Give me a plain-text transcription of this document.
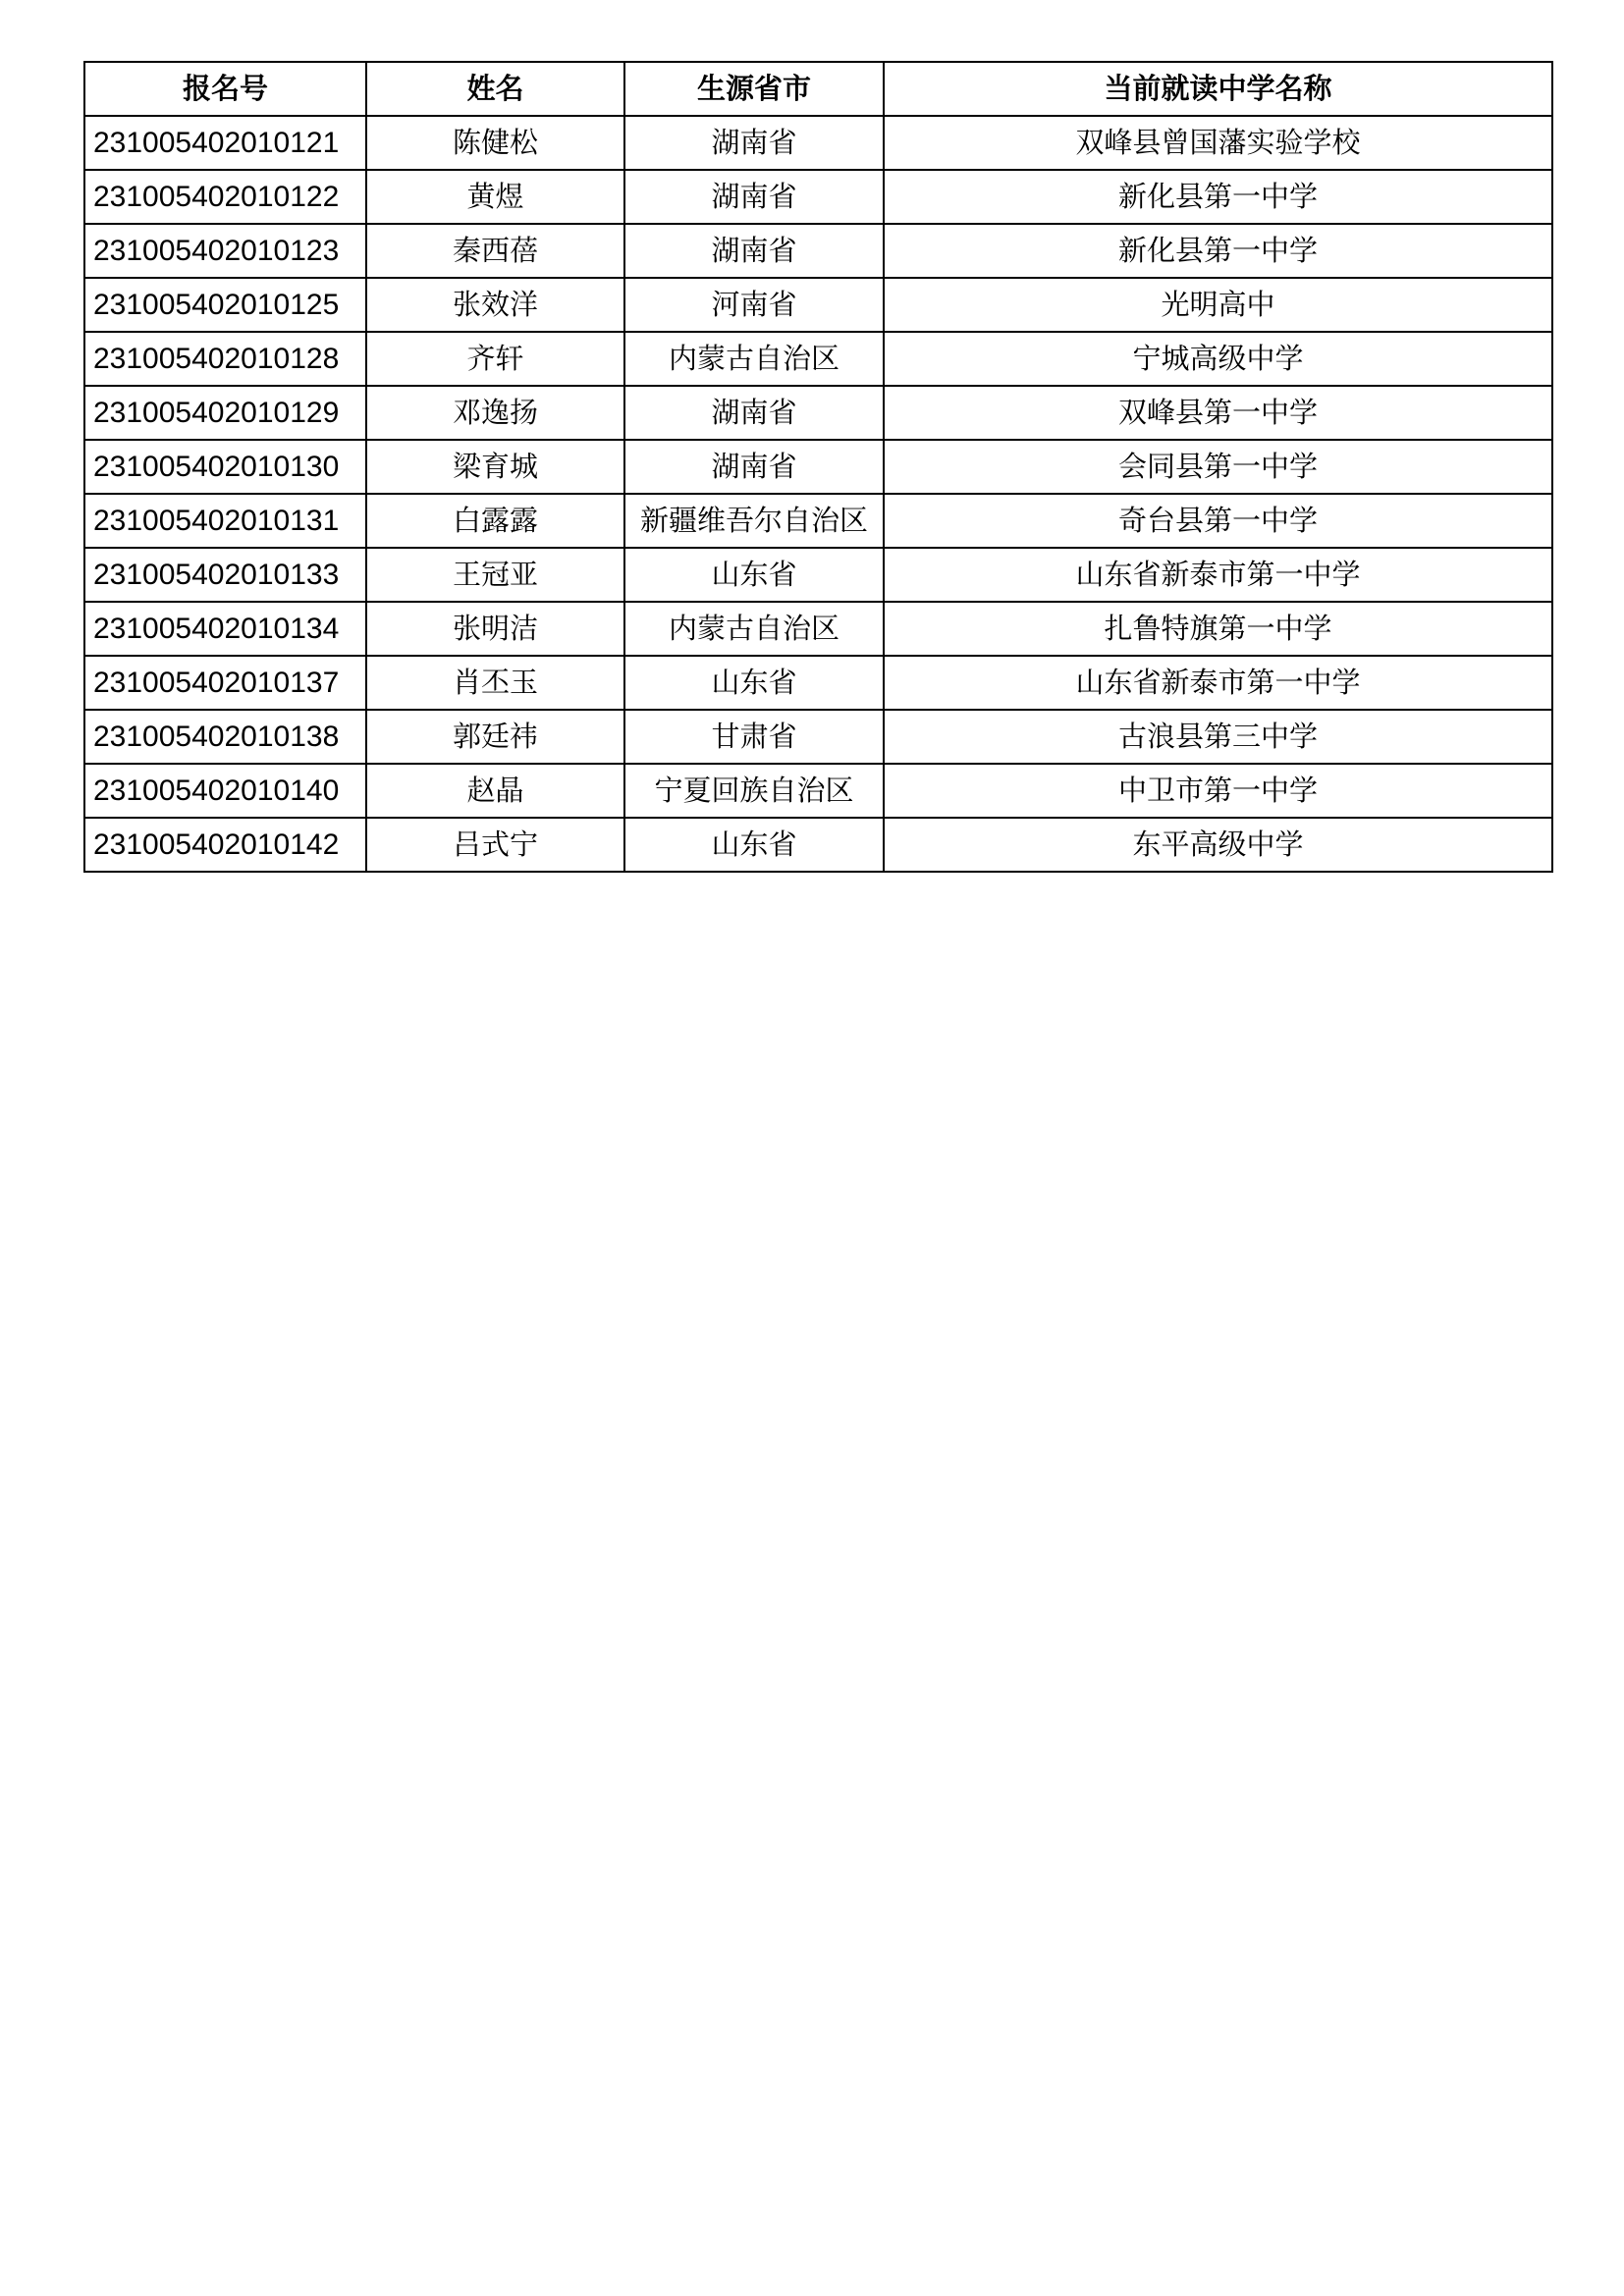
报名号	姓名	生源省市	当前就读中学名称
231005402010121	陈健松	湖南省	双峰县曾国藩实验学校
231005402010122	黄煜	湖南省	新化县第一中学
231005402010123	秦西蓓	湖南省	新化县第一中学
231005402010125	张效洋	河南省	光明高中
231005402010128	齐轩	内蒙古自治区	宁城高级中学
231005402010129	邓逸扬	湖南省	双峰县第一中学
231005402010130	梁育城	湖南省	会同县第一中学
231005402010131	白露露	新疆维吾尔自治区	奇台县第一中学
231005402010133	王冠亚	山东省	山东省新泰市第一中学
231005402010134	张明洁	内蒙古自治区	扎鲁特旗第一中学
231005402010137	肖丕玉	山东省	山东省新泰市第一中学
231005402010138	郭廷祎	甘肃省	古浪县第三中学
231005402010140	赵晶	宁夏回族自治区	中卫市第一中学
231005402010142	吕式宁	山东省	东平高级中学
